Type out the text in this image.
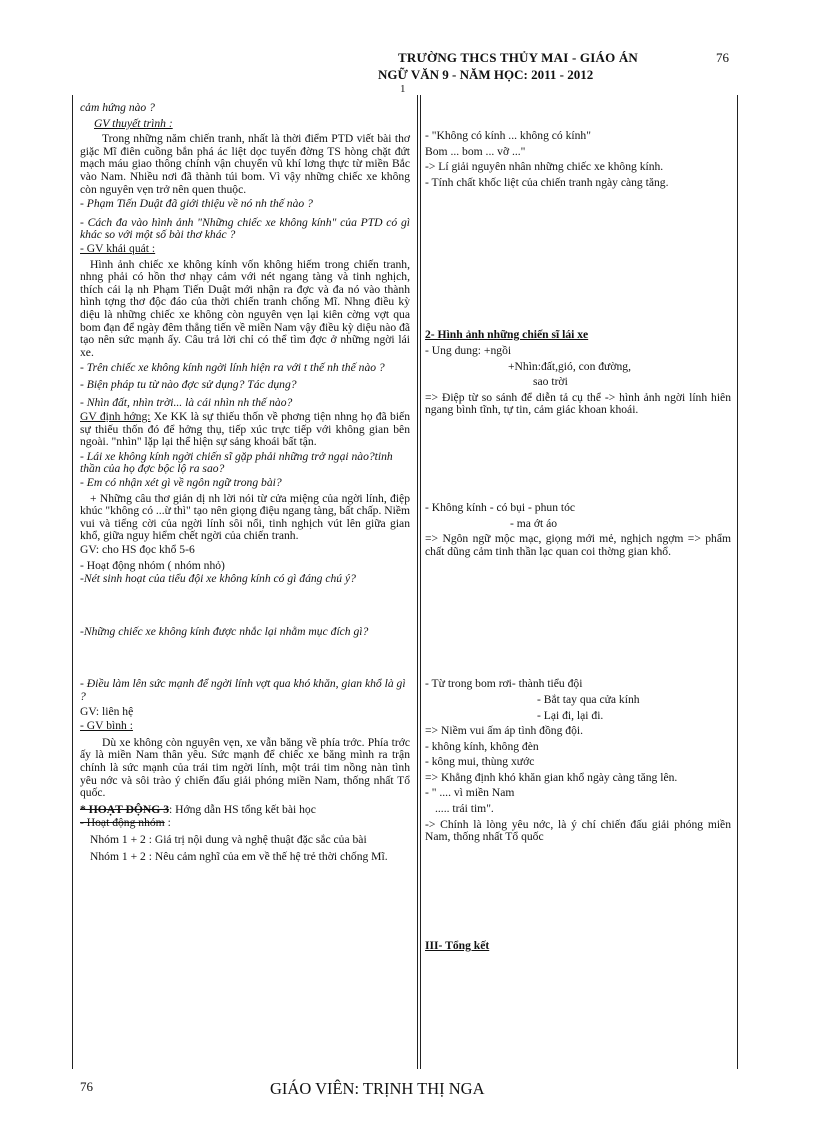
TRƯỜNG THCS THỦY MAI - GIÁO ÁN	76
NGỮ VĂN 9 - NĂM HỌC: 2011 - 2012
1

cảm hứng nào ?

GV thuyết trình :

Trong những năm chiến tranh, nhất là thời điểm PTD viết bài thơ giặc Mĩ điên cuồng bắn phá ác liệt dọc tuyến đờng TS hòng chặt đứt mạch máu giao thông chính vận chuyển vũ khí lơng thực từ miền Bắc vào Nam. Nhiều nơi đã thành túi bom. Vì vậy những chiếc xe không còn nguyên vẹn trở nên quen thuộc.

- Phạm Tiến Duật đã giới thiệu về nó nh thế nào ?

- Cách đa vào hình ảnh "Những chiếc xe không kính" của PTD có gì khác so với một số bài thơ khác ?

- GV khái quát :

Hình ảnh chiếc xe không kính vốn không hiếm trong chiến tranh, nhng phải có hồn thơ nhạy cảm với nét ngang tàng và tinh nghịch, thích cái lạ nh Phạm Tiến Duật mới nhận ra đợc và đa nó vào thành hình tợng thơ độc đáo của thời chiến tranh chống Mĩ. Nhng điều kỳ diệu là những chiếc xe không còn nguyên vẹn lại kiên cờng vợt qua bom đạn để ngày đêm thẳng tiến về miền Nam vậy điều kỳ diệu nào đã tạo nên sức mạnh ấy. Câu trả lời chỉ có thể tìm đợc ở những ngời lái xe.

- Trên chiếc xe không kính ngời lính hiện ra với t thế nh thế nào ?

- Biện pháp tu từ nào đợc sử dụng? Tác dụng?

- Nhìn đất, nhìn trời... là cái nhìn nh thế nào?

GV định hớng: Xe KK là sự thiếu thốn về phơng tiện nhng họ đã biến sự thiếu thốn đó để hởng thụ, tiếp xúc trực tiếp với không gian bên ngoài. "nhìn" lặp lại thể hiện sự sảng khoái bất tận.

- Lái xe không kính ngời chiến sĩ gặp phải những trở ngại nào?tinh thần của họ đợc bộc lộ ra sao?

- Em có nhận xét gì về ngôn ngữ trong bài?

+ Những câu thơ giản dị nh lời nói từ cửa miệng của ngời lính, điệp khúc "không có ...ừ thì" tạo nên giọng điệu ngang tàng, bất chấp. Niềm vui và tiếng cời của ngời lính sôi nổi, tinh nghịch vút lên giữa gian khổ, giữa nguy hiểm chết ngời của chiến tranh.

GV: cho HS đọc khổ 5-6

- Hoạt động nhóm ( nhóm nhỏ)

-Nét sinh hoạt của tiểu đội xe không kính có gì đáng chú ý?

-Những chiếc xe không kính được nhắc lại nhằm mục đích gì?

- Điều làm lên sức mạnh để ngời lính vợt qua khó khăn, gian khổ là gì ?

GV: liên hệ

- GV bình :

Dù xe không còn nguyên vẹn, xe vẫn băng về phía trớc. Phía trớc ấy là miền Nam thân yêu. Sức mạnh để chiếc xe băng mình ra trận chính là sức mạnh của trái tim ngời lính, một trái tim nồng nàn tình yêu nớc và sôi trào ý chiến đấu giải phóng miền Nam, thống nhất Tổ quốc.

* HOẠT ĐỘNG 3: Hớng dẫn HS tổng kết bài học

- Hoạt động nhóm :

Nhóm 1 + 2 : Giá trị nội dung và nghệ thuật đặc sắc của bài

Nhóm 1 + 2 : Nêu cảm nghĩ của em về thế hệ trẻ thời chống Mĩ.

- "Không có kính ... không có kính"

Bom ... bom ... vỡ ..."

-> Lí giải nguyên nhân những chiếc xe không kính.

- Tính chất khốc liệt của chiến tranh ngày càng tăng.

2- Hình ảnh những chiến sĩ lái xe

- Ung dung: +ngồi

+Nhìn:đất,gió, con đường,

sao trời

=> Điệp từ so sánh để diễn tả cụ thể -> hình ảnh ngời lính hiên ngang bình tĩnh, tự tin, cảm giác khoan khoái.

- Không kính - có bụi - phun tóc

- ma ớt áo

=> Ngôn ngữ mộc mạc, giọng mới mẻ, nghịch ngợm => phẩm chất dũng cảm tinh thần lạc quan coi thờng gian khổ.

- Từ trong bom rơi- thành tiểu đội

- Bắt tay qua cửa kính

- Lại đi, lại đi.

=> Niềm vui ấm áp tình đồng đội.

- không kính, không đèn

- kông mui, thùng xước

=> Khẳng định khó khăn gian khổ ngày càng tăng lên.

- " .... vì miền Nam

..... trái tim".

-> Chính là lòng yêu nớc, là ý chí chiến đấu giải phóng miền Nam, thống nhất Tổ quốc

III- Tổng kết

76	GIÁO VIÊN: TRỊNH THỊ NGA
